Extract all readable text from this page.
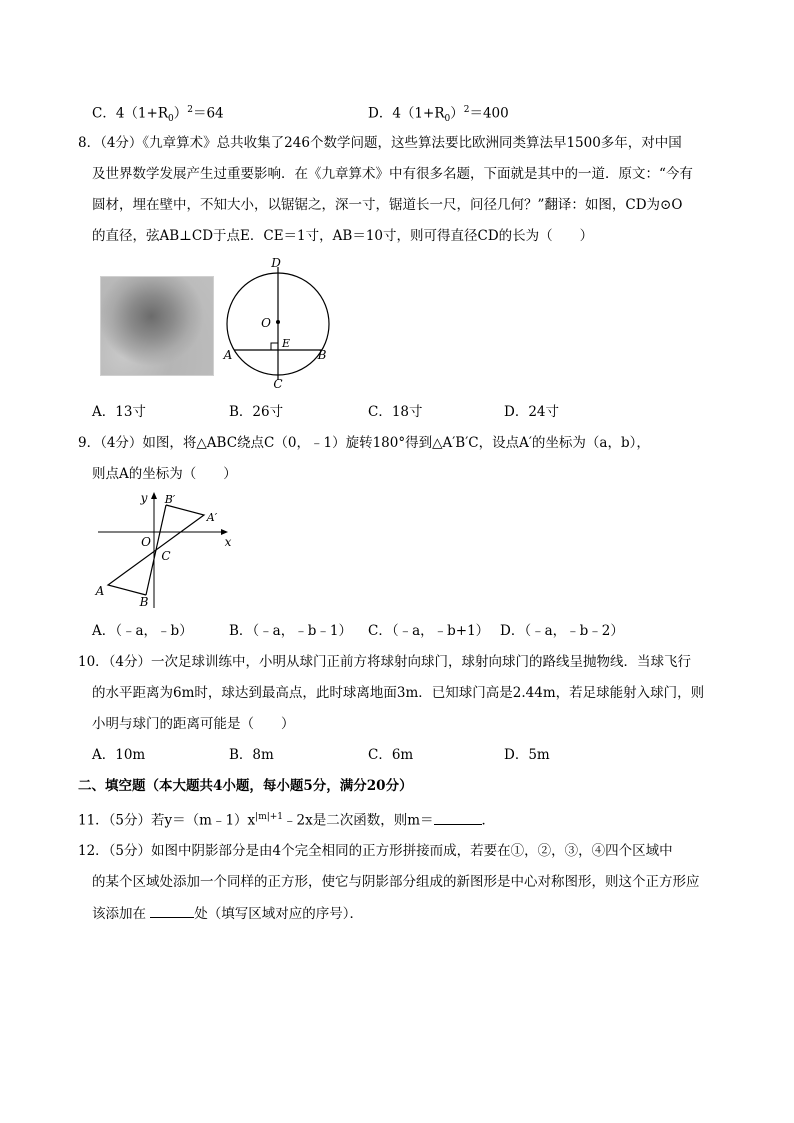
C．$4(1+R_0)^2=64$	D．$4(1+R_0)^2=400$
8．（4分）《九章算术》总共收集了246个数学问题，这些算法要比欧洲同类算法早1500多年，对中国
及世界数学发展产生过重要影响．在《九章算术》中有很多名题，下面就是其中的一道．原文：“今有
圆材，埋在壁中，不知大小，以锯锯之，深一寸，锯道长一尺，问径几何？”翻译：如图，CD为⊙O
的直径，弦AB⊥CD于点E．CE＝1寸，AB＝10寸，则可得直径CD的长为（　　）
D
O
E
A	B
C
A．13寸	B．26寸	C．18寸	D．24寸
9．（4分）如图，将△ABC绕点C（0，﹣1）旋转180°得到△A′B′C，设点A′的坐标为（a，b），
则点A的坐标为（　　）
y B′
A′
O
C
x
A
B
A．（﹣a，﹣b）	B．（﹣a，﹣b﹣1） C．（﹣a，﹣b+1） D．（﹣a，﹣b﹣2）
10．（4分）一次足球训练中，小明从球门正前方将球射向球门，球射向球门的路线呈抛物线．当球飞行
的水平距离为6m时，球达到最高点，此时球离地面3m．已知球门高是2.44m，若足球能射入球门，则
小明与球门的距离可能是（　　）
A．10m	B．8m	C．6m	D．5m
二、填空题（本大题共4小题，每小题5分，满分20分）
11．（5分）若$y=(m﹣1)x^{|m|+1}﹣2x$是二次函数，则m＝	．
12．（5分）如图中阴影部分是由4个完全相同的正方形拼接而成，若要在①，②，③，④四个区域中
的某个区域处添加一个同样的正方形，使它与阴影部分组成的新图形是中心对称图形，则这个正方形应
该添加在	处（填写区域对应的序号）．
